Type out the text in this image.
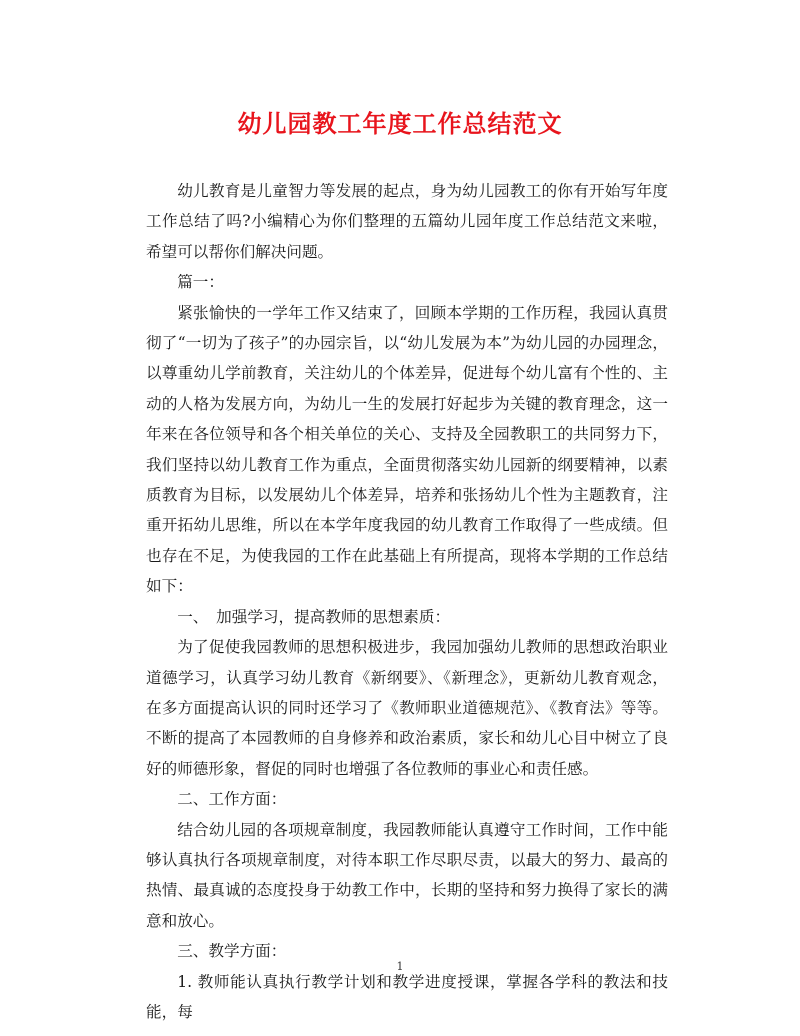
幼儿园教工年度工作总结范文

幼儿教育是儿童智力等发展的起点，身为幼儿园教工的你有开始写年度工作总结了吗?小编精心为你们整理的五篇幼儿园年度工作总结范文来啦，希望可以帮你们解决问题。

篇一：

紧张愉快的一学年工作又结束了，回顾本学期的工作历程，我园认真贯彻了“一切为了孩子”的办园宗旨，以“幼儿发展为本”为幼儿园的办园理念，以尊重幼儿学前教育，关注幼儿的个体差异，促进每个幼儿富有个性的、主动的人格为发展方向，为幼儿一生的发展打好起步为关键的教育理念，这一年来在各位领导和各个相关单位的关心、支持及全园教职工的共同努力下，我们坚持以幼儿教育工作为重点，全面贯彻落实幼儿园新的纲要精神，以素质教育为目标，以发展幼儿个体差异，培养和张扬幼儿个性为主题教育，注重开拓幼儿思维，所以在本学年度我园的幼儿教育工作取得了一些成绩。但也存在不足，为使我园的工作在此基础上有所提高，现将本学期的工作总结如下：

一、　加强学习，提高教师的思想素质：

为了促使我园教师的思想积极进步，我园加强幼儿教师的思想政治职业道德学习，认真学习幼儿教育《新纲要》、《新理念》，更新幼儿教育观念，在多方面提高认识的同时还学习了《教师职业道德规范》、《教育法》等等。不断的提高了本园教师的自身修养和政治素质，家长和幼儿心目中树立了良好的师德形象，督促的同时也增强了各位教师的事业心和责任感。

二、工作方面：

结合幼儿园的各项规章制度，我园教师能认真遵守工作时间，工作中能够认真执行各项规章制度，对待本职工作尽职尽责，以最大的努力、最高的热情、最真诚的态度投身于幼教工作中，长期的坚持和努力换得了家长的满意和放心。

三、教学方面：

1. 教师能认真执行教学计划和教学进度授课，掌握各学科的教法和技能，每

1
